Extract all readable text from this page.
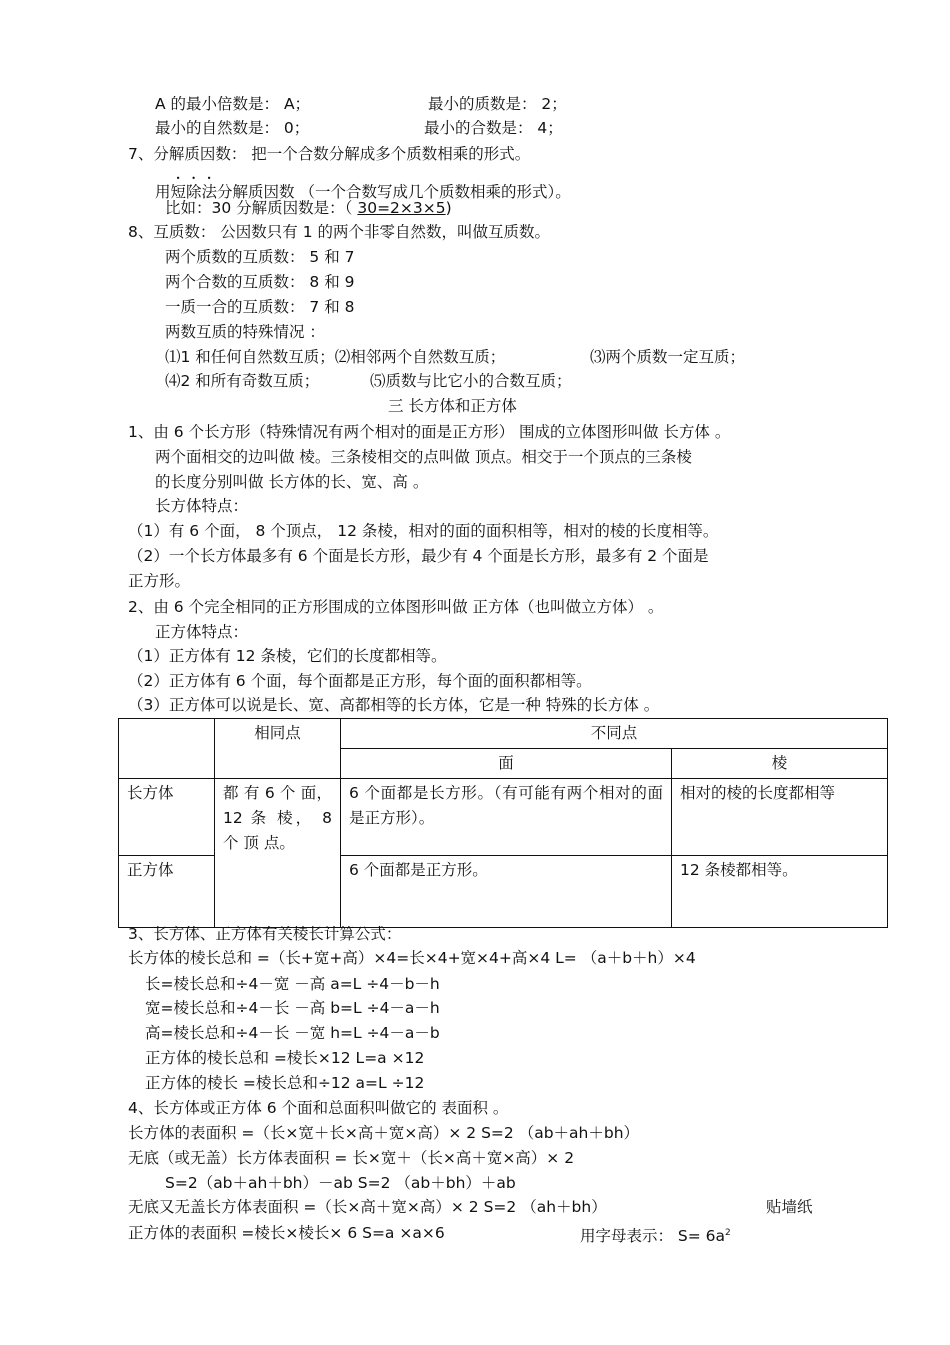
A 的最小倍数是： A；	最小的质数是： 2；
最小的自然数是： 0；	最小的合数是： 4；
7、分解质因数： 把一个合数分解成多个质数相乘的形式。
用短除法分解质因数 （一个合数写成几个质数相乘的形式）。
比如：30 分解质因数是：（ 30=2×3×5)
8、互质数： 公因数只有 1 的两个非零自然数，叫做互质数。
两个质数的互质数： 5 和 7
两个合数的互质数： 8 和 9
一质一合的互质数： 7 和 8
两数互质的特殊情况 ：
⑴1 和任何自然数互质；⑵相邻两个自然数互质；	⑶两个质数一定互质；
⑷2 和所有奇数互质；	⑸质数与比它小的合数互质；
三 长方体和正方体
1、由 6 个长方形（特殊情况有两个相对的面是正方形） 围成的立体图形叫做 长方体 。
两个面相交的边叫做 棱。三条棱相交的点叫做 顶点。相交于一个顶点的三条棱
的长度分别叫做 长方体的长、宽、高 。
长方体特点：
（1）有 6 个面， 8 个顶点， 12 条棱，相对的面的面积相等，相对的棱的长度相等。
（2）一个长方体最多有 6 个面是长方形，最少有 4 个面是长方形，最多有 2 个面是
正方形。
2、由 6 个完全相同的正方形围成的立体图形叫做 正方体（也叫做立方体） 。
正方体特点：
（1）正方体有 12 条棱，它们的长度都相等。
（2）正方体有 6 个面，每个面都是正方形，每个面的面积都相等。
（3）正方体可以说是长、宽、高都相等的长方体，它是一种 特殊的长方体 。
	相同点	不同点	
		面	棱
长方体	都 有 6 个 面， 12 条 棱， 8 个 顶 点。	6 个面都是长方形。（有可能有两个相对的面是正方形）。	相对的棱的长度都相等
正方体		6 个面都是正方形。	12 条棱都相等。
3、长方体、正方体有关棱长计算公式：
长方体的棱长总和 =（长+宽+高）×4=长×4+宽×4+高×4 L= （a＋b＋h）×4
长=棱长总和÷4－宽 －高 a=L ÷4－b－h
宽=棱长总和÷4－长 －高 b=L ÷4－a－h
高=棱长总和÷4－长 －宽 h=L ÷4－a－b
正方体的棱长总和 =棱长×12 L=a ×12
正方体的棱长 =棱长总和÷12 a=L ÷12
4、长方体或正方体 6 个面和总面积叫做它的 表面积 。
长方体的表面积 =（长×宽＋长×高＋宽×高）× 2 S=2 （ab＋ah＋bh）
无底（或无盖）长方体表面积 = 长×宽＋（长×高＋宽×高）× 2
S=2（ab＋ah＋bh）－ab S=2 （ab＋bh）＋ab
无底又无盖长方体表面积 =（长×高＋宽×高）× 2 S=2 （ah＋bh）	贴墙纸
正方体的表面积 =棱长×棱长× 6 S=a ×a×6	用字母表示： $S= 6a^2$
